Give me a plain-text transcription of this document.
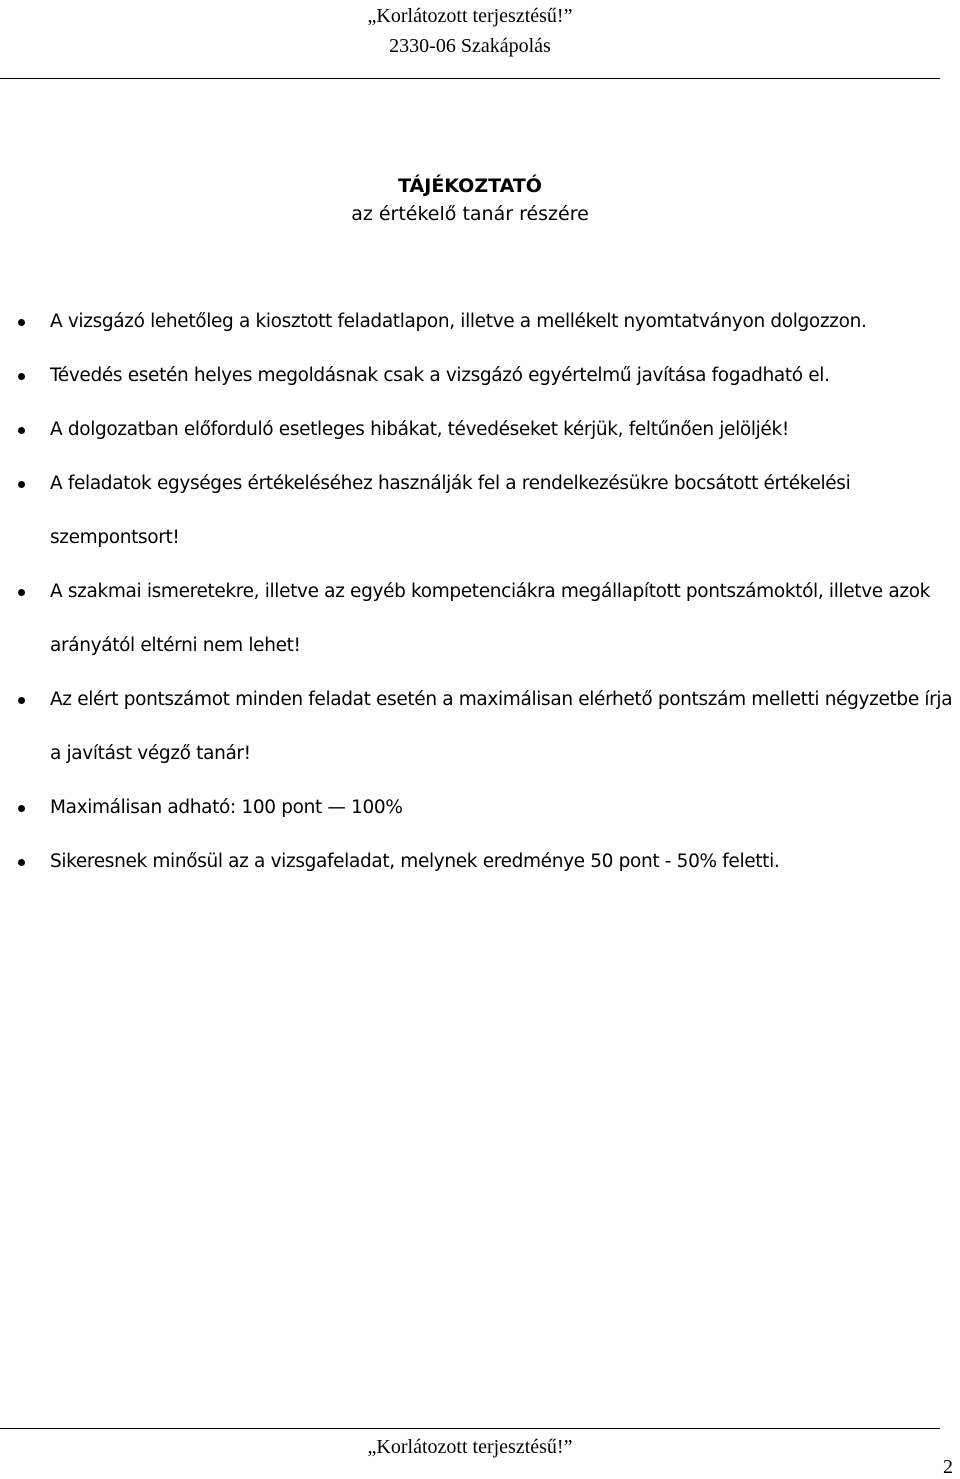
„Korlátozott terjesztésű!”
2330-06 Szakápolás
TÁJÉKOZTATÓ
az értékelő tanár részére
A vizsgázó lehetőleg a kiosztott feladatlapon, illetve a mellékelt nyomtatványon dolgozzon.
Tévedés esetén helyes megoldásnak csak a vizsgázó egyértelmű javítása fogadható el.
A dolgozatban előforduló esetleges hibákat, tévedéseket kérjük, feltűnően jelöljék!
A feladatok egységes értékeléséhez használják fel a rendelkezésükre bocsátott értékelési szempontsort!
A szakmai ismeretekre, illetve az egyéb kompetenciákra megállapított pontszámoktól, illetve azok arányától eltérni nem lehet!
Az elért pontszámot minden feladat esetén a maximálisan elérhető pontszám melletti négyzetbe írja a javítást végző tanár!
Maximálisan adható: 100 pont — 100%
Sikeresnek minősül az a vizsgafeladat, melynek eredménye 50 pont - 50% feletti.
„Korlátozott terjesztésű!”
2
